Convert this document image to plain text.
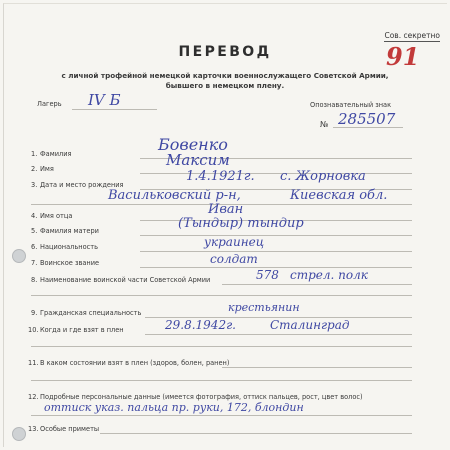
Сов. секретно
91
ПЕРЕВОД
с личной трофейной немецкой карточки военнослужащего Советской Армии,
бывшего в немецком плену.
Лагерь IV Б	Опознавательный знак
№ 285507
1. Фамилия	Бовенко
2. Имя	Максим
3. Дата и место рождения
1.4.1921г. с. Жорновка
Васильковский р-н,	Киевская обл.
4. Имя отца	Иван
5. Фамилия матери	(Тындыр) тындир
6. Национальность	украинец
7. Воинское звание	солдат
8. Наименование воинской части Советской Армии	578 стрел. полк
9. Гражданская специальность	крестьянин
10. Когда и где взят в плен	29.8.1942г.	Сталинград
11. В каком состоянии взят в плен (здоров, болен, ранен)
12. Подробные персональные данные (имеется фотография, оттиск пальцев, рост, цвет волос)
оттиск указ. пальца пр. руки, 172, блондин
13. Особые приметы
